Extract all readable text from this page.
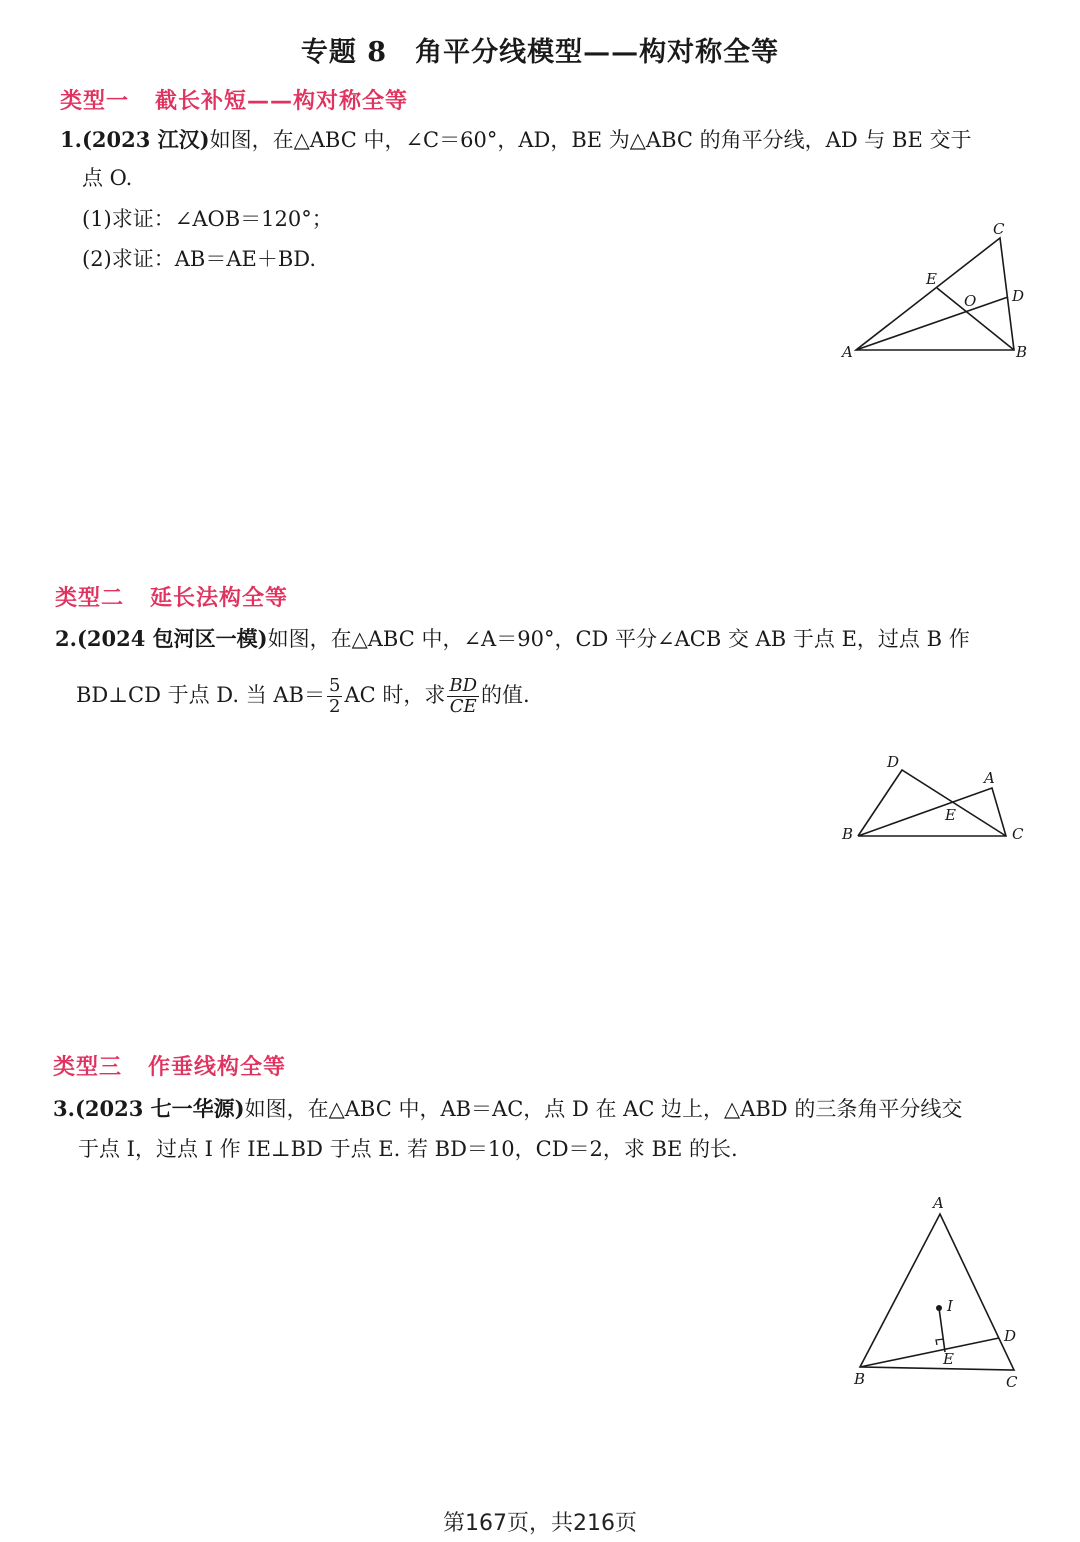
专题 8　角平分线模型——构对称全等
类型一 截长补短——构对称全等
1.(2023 江汉)如图，在△ABC 中，∠C＝60°，AD，BE 为△ABC 的角平分线，AD 与 BE 交于
点 O.
(1)求证：∠AOB＝120°；
(2)求证：AB＝AE＋BD.
A	B
C
D
E
O
类型二 延长法构全等
2.(2024 包河区一模)如图，在△ABC 中，∠A＝90°，CD 平分∠ACB 交 AB 于点 E，过点 B 作
BD⊥CD 于点 D. 当 $AB= \frac{5}{2}$ AC 时，求 $\frac{BD}{CE}$ 的值.
D
A
B	C
E
类型三 作垂线构全等
3.(2023 七一华源)如图，在△ABC 中，AB＝AC，点 D 在 AC 边上，△ABD 的三条角平分线交
于点 I，过点 I 作 IE⊥BD 于点 E. 若 BD＝10，CD＝2，求 BE 的长.
A
I
D
E
B	C
第167页，共216页
